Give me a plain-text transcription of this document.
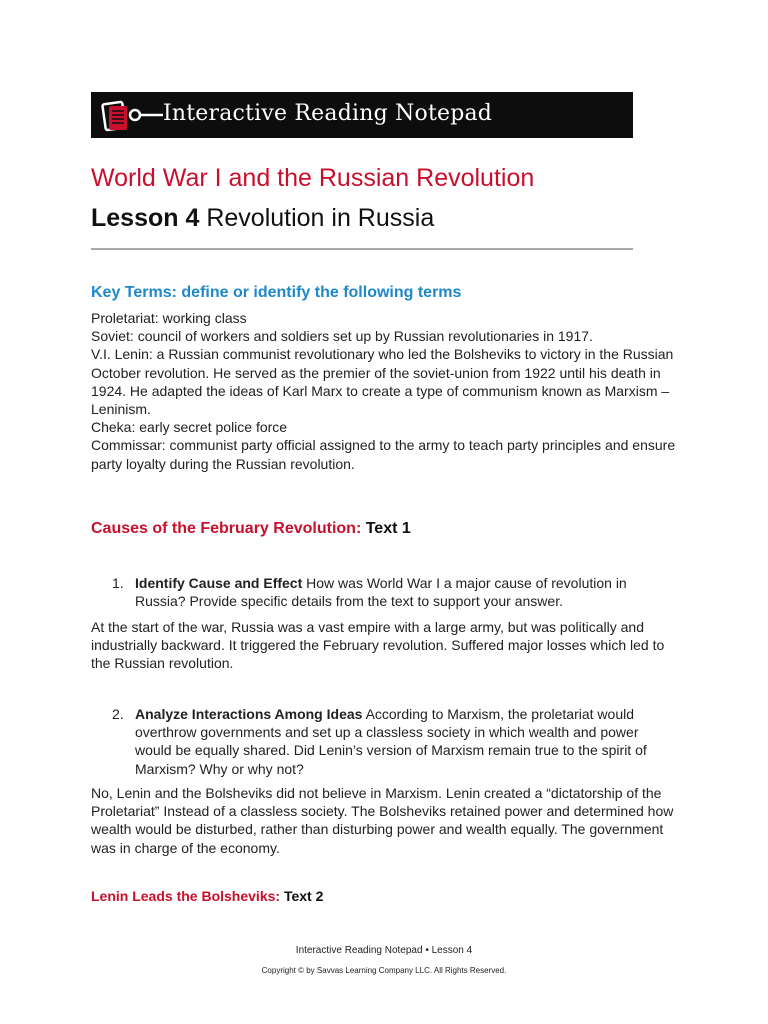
Interactive Reading Notepad
World War I and the Russian Revolution
Lesson 4 Revolution in Russia
Key Terms: define or identify the following terms

Proletariat: working class

Soviet: council of workers and soldiers set up by Russian revolutionaries in 1917.

V.I. Lenin: a Russian communist revolutionary who led the Bolsheviks to victory in the Russian October revolution. He served as the premier of the soviet-union from 1922 until his death in 1924. He adapted the ideas of Karl Marx to create a type of communism known as Marxism – Leninism.

Cheka: early secret police force

Commissar: communist party official assigned to the army to teach party principles and ensure party loyalty during the Russian revolution.

Causes of the February Revolution: Text 1
1. Identify Cause and Effect How was World War I a major cause of revolution in Russia? Provide specific details from the text to support your answer.
At the start of the war, Russia was a vast empire with a large army, but was politically and industrially backward. It triggered the February revolution. Suffered major losses which led to the Russian revolution.
2. Analyze Interactions Among Ideas According to Marxism, the proletariat would overthrow governments and set up a classless society in which wealth and power would be equally shared. Did Lenin’s version of Marxism remain true to the spirit of Marxism? Why or why not?
No, Lenin and the Bolsheviks did not believe in Marxism. Lenin created a “dictatorship of the Proletariat” Instead of a classless society. The Bolsheviks retained power and determined how wealth would be disturbed, rather than disturbing power and wealth equally. The government was in charge of the economy.
Lenin Leads the Bolsheviks: Text 2
Interactive Reading Notepad • Lesson 4
Copyright © by Savvas Learning Company LLC. All Rights Reserved.
